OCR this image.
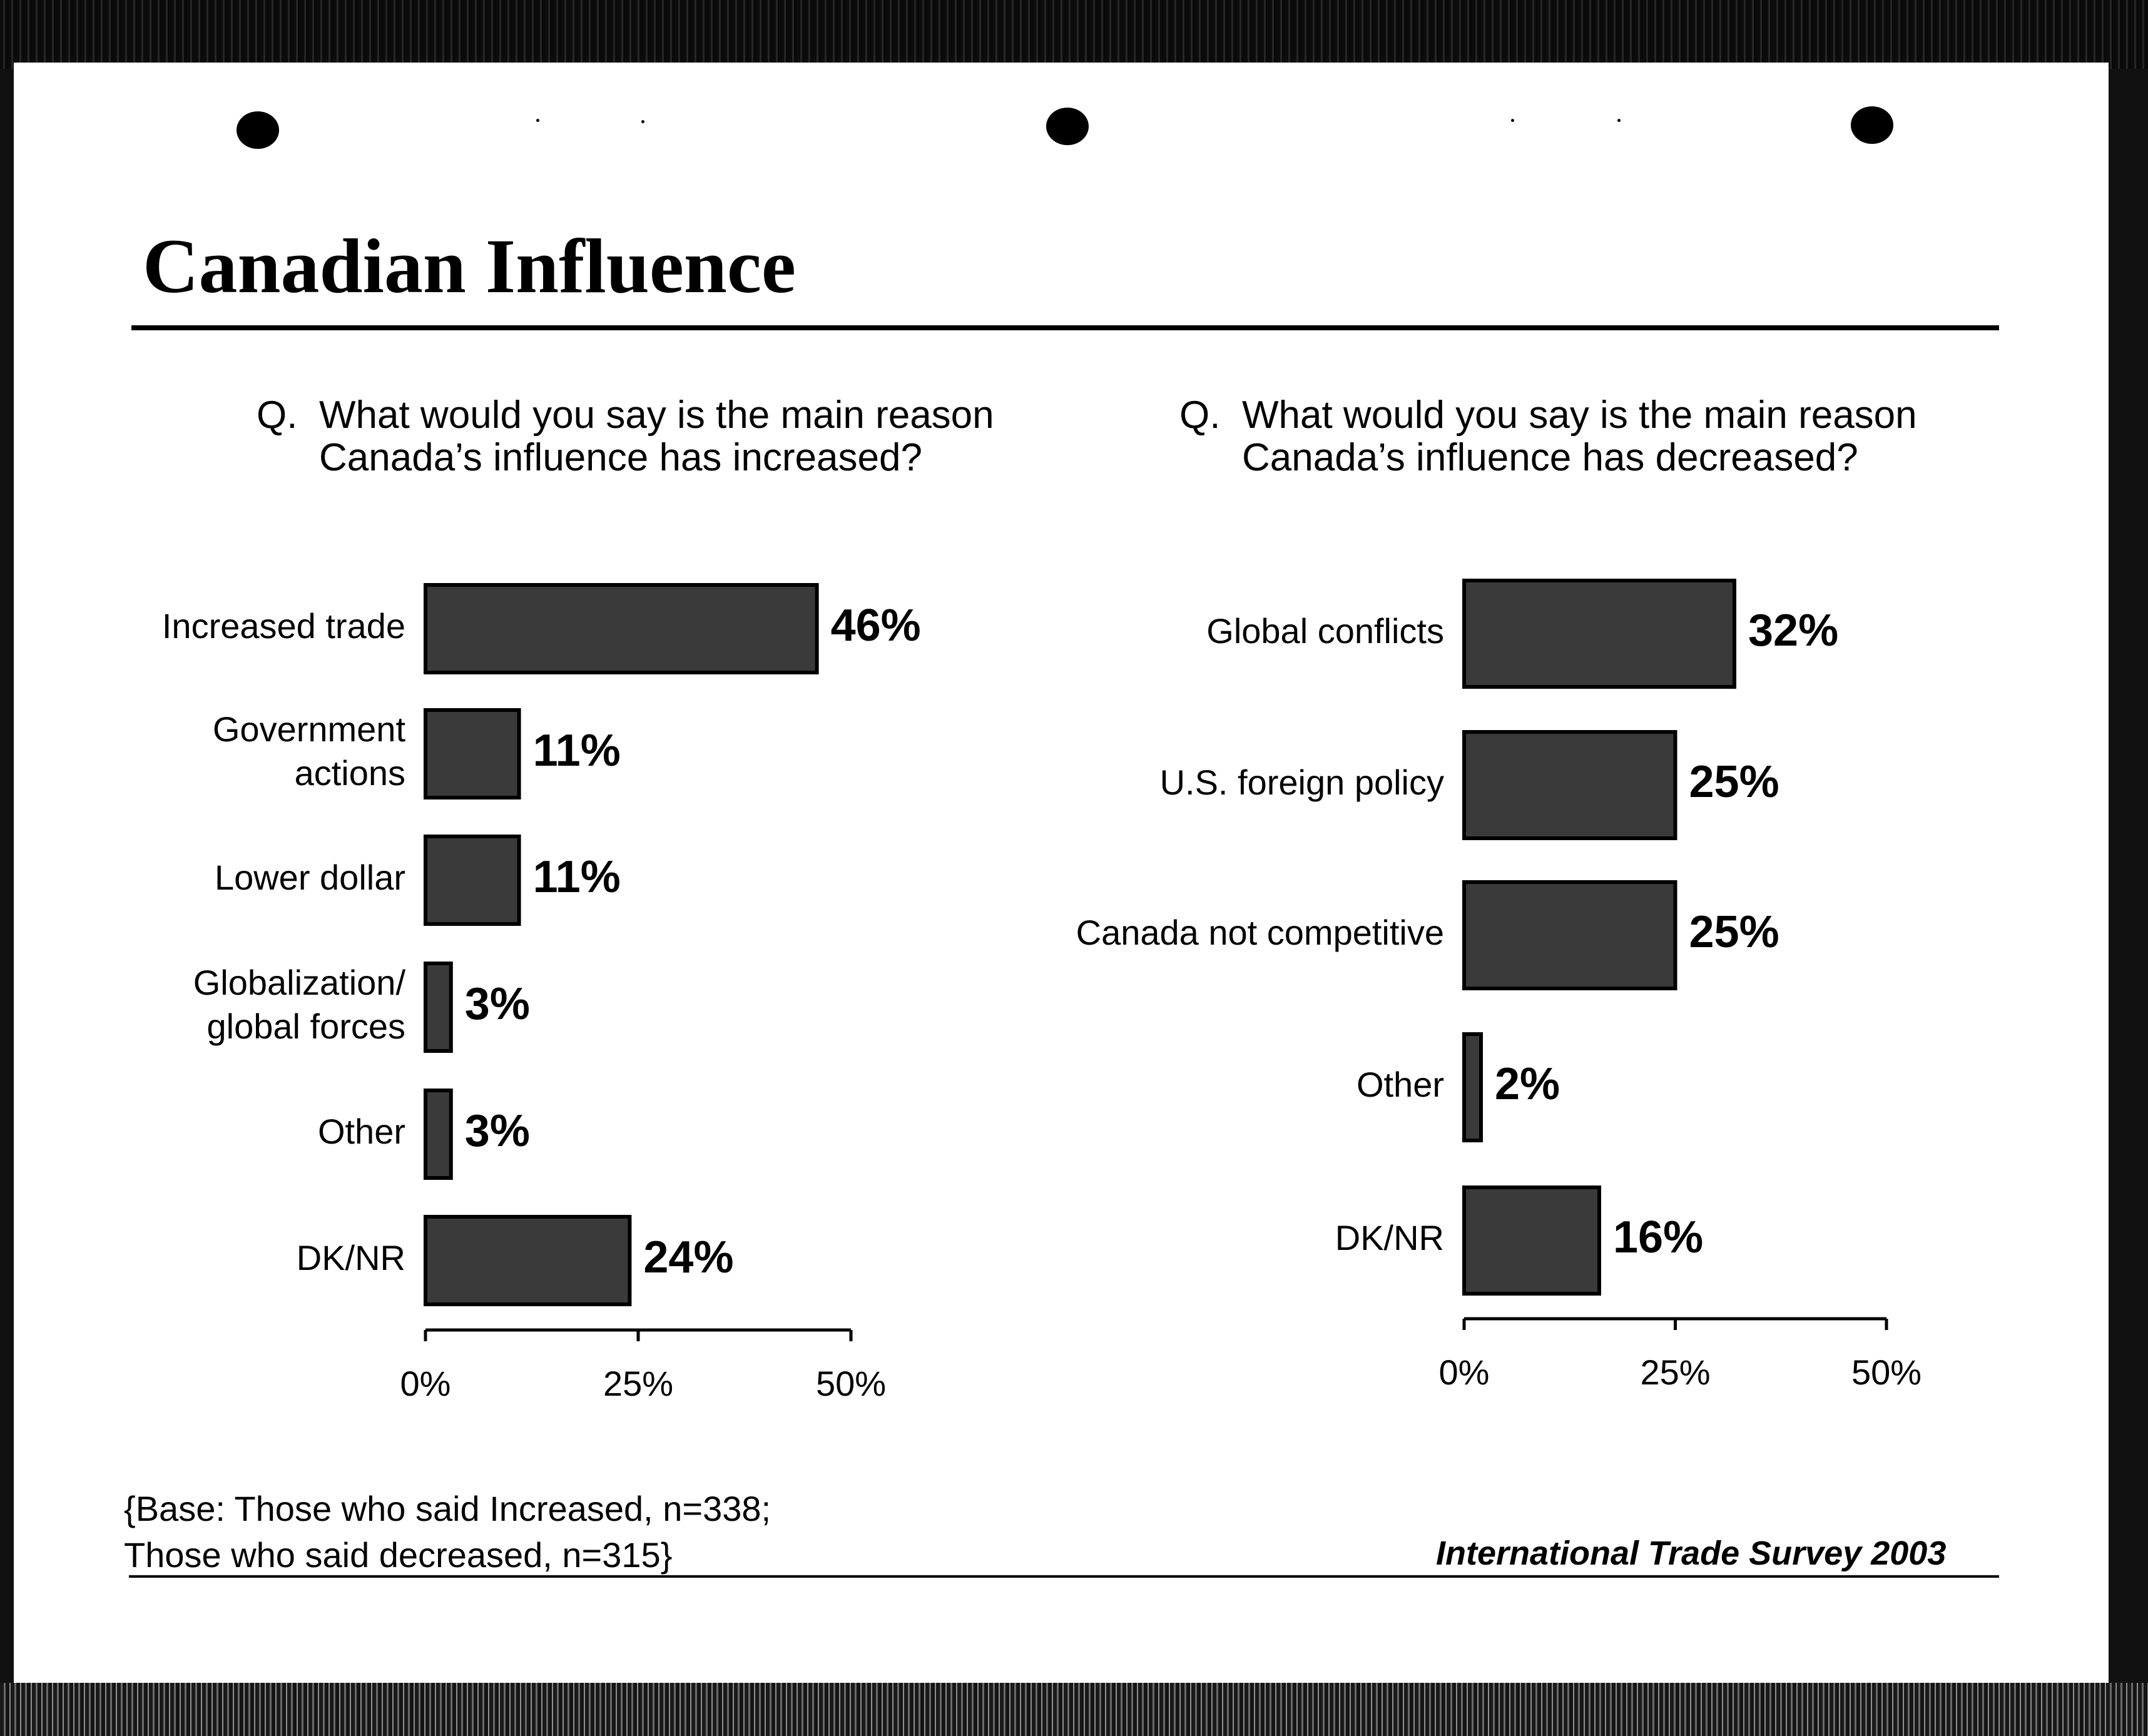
Canadian Influence
Q. What would you say is the main reason
Canada’s influence has increased?
Q. What would you say is the main reason
Canada’s influence has decreased?
46%
Increased trade
11%
Government
actions
11%
Lower dollar
3%
Globalization/
global forces
3%
Other
24%
DK/NR
0%	25%	50%
32%
Global conflicts
25%
U.S. foreign policy
25%
Canada not competitive
2%
Other
16%
DK/NR
0%	25%	50%
{Base: Those who said Increased, n=338;
Those who said decreased, n=315}	International Trade Survey 2003
